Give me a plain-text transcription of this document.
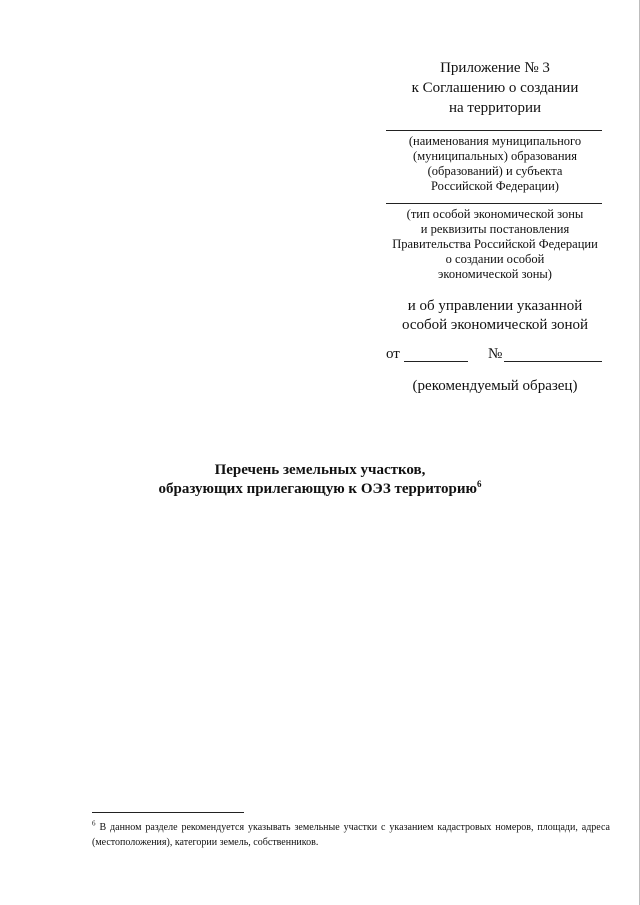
Приложение № 3
к Соглашению о создании
на территории
(наименования муниципального
(муниципальных) образования
(образований) и субъекта
Российской Федерации)
(тип особой экономической зоны
и реквизиты постановления
Правительства Российской Федерации
о создании особой
экономической зоны)
и об управлении указанной
особой экономической зоной
от	№
(рекомендуемый образец)
Перечень земельных участков,
образующих прилегающую к ОЭЗ территорию$^6$
$^6$ В данном разделе рекомендуется указывать земельные участки с указанием кадастровых номеров, площади, адреса (местоположения), категории земель, собственников.
